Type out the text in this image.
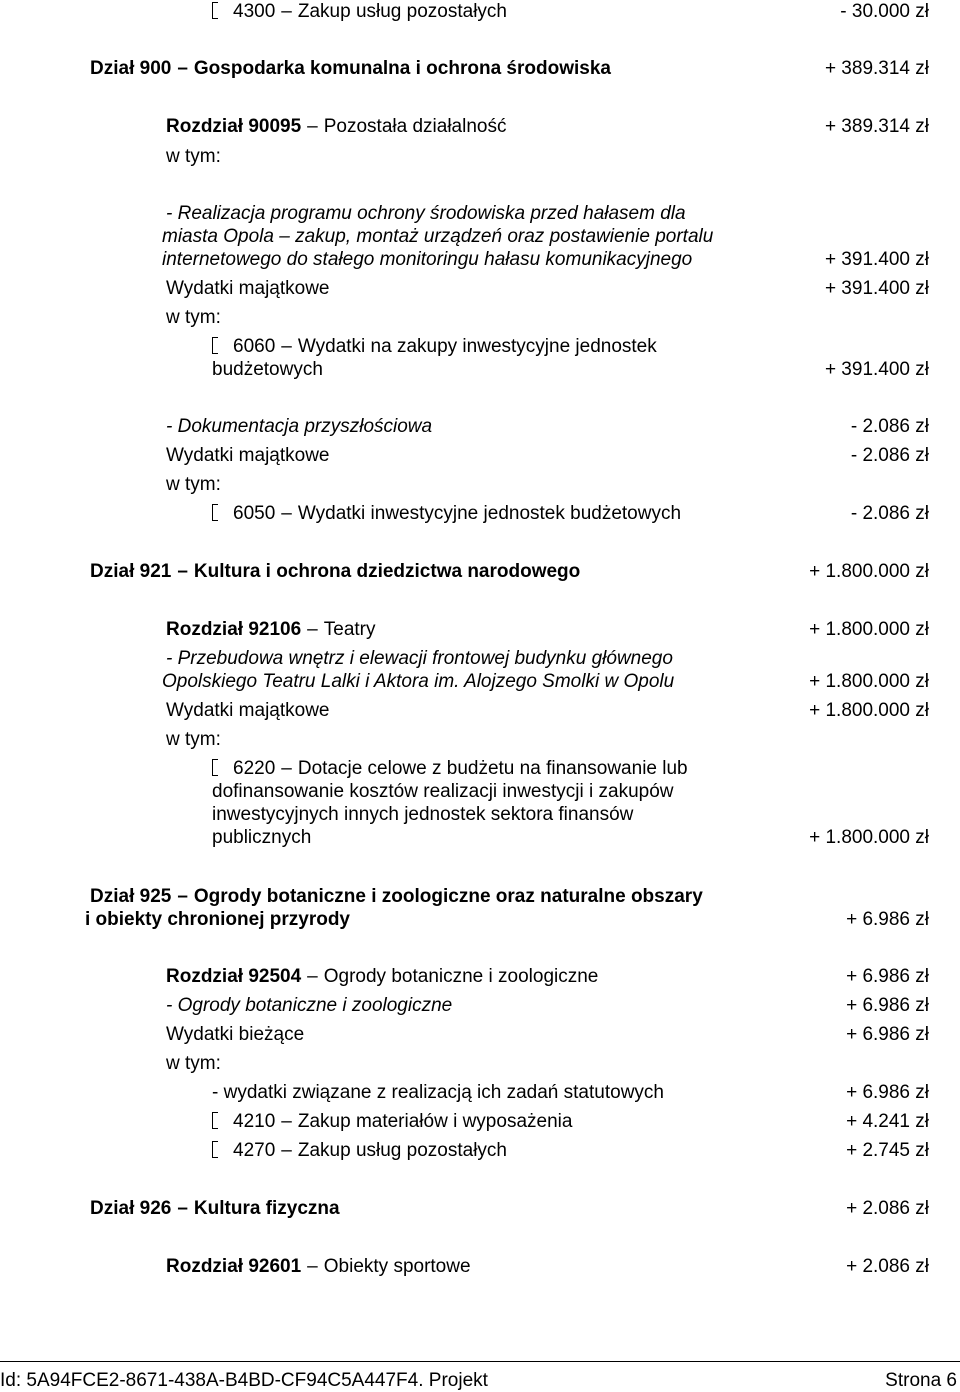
4300 – Zakup usług pozostałych	- 30.000 zł
Dział 900 – Gospodarka komunalna i ochrona środowiska	+ 389.314 zł
Rozdział 90095 – Pozostała działalność	+ 389.314 zł
w tym:
- Realizacja programu ochrony środowiska przed hałasem dla
miasta Opola – zakup, montaż urządzeń oraz postawienie portalu
internetowego do stałego monitoringu hałasu komunikacyjnego	+ 391.400 zł
Wydatki majątkowe	+ 391.400 zł
w tym:
6060 – Wydatki na zakupy inwestycyjne jednostek
budżetowych	+ 391.400 zł
- Dokumentacja przyszłościowa	- 2.086 zł
Wydatki majątkowe	- 2.086 zł
w tym:
6050 – Wydatki inwestycyjne jednostek budżetowych	- 2.086 zł
Dział 921 – Kultura i ochrona dziedzictwa narodowego	+ 1.800.000 zł
Rozdział 92106 – Teatry	+ 1.800.000 zł
- Przebudowa wnętrz i elewacji frontowej budynku głównego
Opolskiego Teatru Lalki i Aktora im. Alojzego Smolki w Opolu	+ 1.800.000 zł
Wydatki majątkowe	+ 1.800.000 zł
w tym:
6220 – Dotacje celowe z budżetu na finansowanie lub
dofinansowanie kosztów realizacji inwestycji i zakupów
inwestycyjnych innych jednostek sektora finansów
publicznych	+ 1.800.000 zł
Dział 925 – Ogrody botaniczne i zoologiczne oraz naturalne obszary
i obiekty chronionej przyrody	+ 6.986 zł
Rozdział 92504 – Ogrody botaniczne i zoologiczne	+ 6.986 zł
- Ogrody botaniczne i zoologiczne	+ 6.986 zł
Wydatki bieżące	+ 6.986 zł
w tym:
- wydatki związane z realizacją ich zadań statutowych	+ 6.986 zł
4210 – Zakup materiałów i wyposażenia	+ 4.241 zł
4270 – Zakup usług pozostałych	+ 2.745 zł
Dział 926 – Kultura fizyczna	+ 2.086 zł
Rozdział 92601 – Obiekty sportowe	+ 2.086 zł
Id: 5A94FCE2-8671-438A-B4BD-CF94C5A447F4. Projekt	Strona 6
